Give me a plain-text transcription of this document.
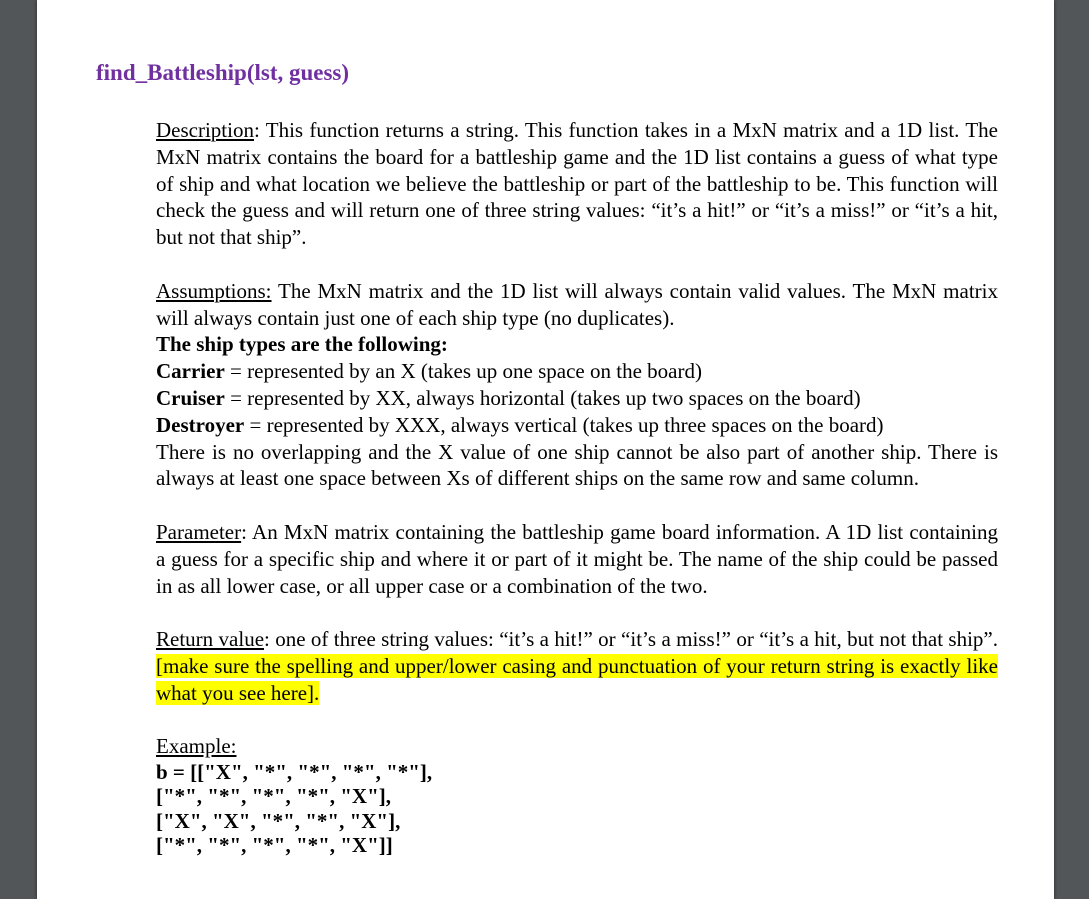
find_Battleship(lst, guess)

Description: This function returns a string. This function takes in a MxN matrix and a 1D list. The MxN matrix contains the board for a battleship game and the 1D list contains a guess of what type of ship and what location we believe the battleship or part of the battleship to be. This function will check the guess and will return one of three string values: “it’s a hit!” or “it’s a miss!” or “it’s a hit, but not that ship”.

Assumptions: The MxN matrix and the 1D list will always contain valid values. The MxN matrix will always contain just one of each ship type (no duplicates).

The ship types are the following:
Carrier = represented by an X (takes up one space on the board)
Cruiser = represented by XX, always horizontal (takes up two spaces on the board)
Destroyer = represented by XXX, always vertical (takes up three spaces on the board)

There is no overlapping and the X value of one ship cannot be also part of another ship. There is always at least one space between Xs of different ships on the same row and same column.

Parameter: An MxN matrix containing the battleship game board information. A 1D list containing a guess for a specific ship and where it or part of it might be. The name of the ship could be passed in as all lower case, or all upper case or a combination of the two.

Return value: one of three string values: “it’s a hit!” or “it’s a miss!” or “it’s a hit, but not that ship”. [make sure the spelling and upper/lower casing and punctuation of your return string is exactly like what you see here].

Example:
b = [["X", "*", "*", "*", "*"],
["*", "*", "*", "*", "X"],
["X", "X", "*", "*", "X"],
["*", "*", "*", "*", "X"]]
